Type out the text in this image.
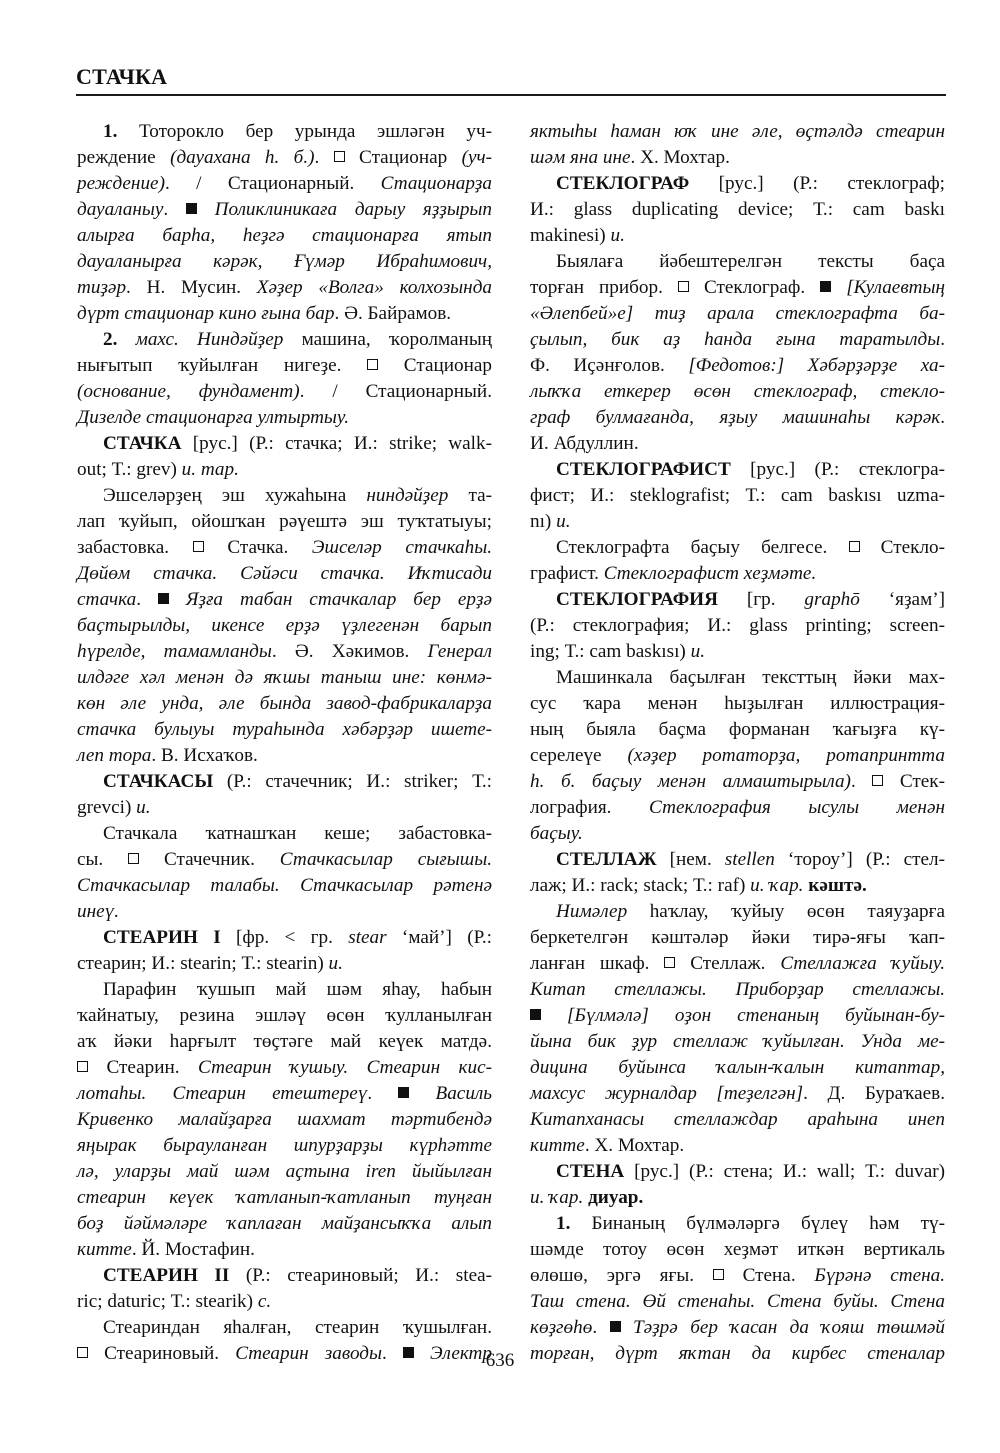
СТАЧКА
1. Тоторокло бер урында эшләгән уч-
реждение (дауахана h. б.).  Стационар (уч-
реждение). / Стационарный. Стационарҙа
дауаланыу.  Поликлиникаға дарыу яҙҙырып
алырға барhа, hеҙгә стационарға ятып
дауаланырға кәрәк, Ғүмәр Ибраhимович,
тиҙәр. Н. Мусин. Хәҙер «Волга» колхозында
дүрт стационар кино ғына бар. Ә. Байрамов.
2. махс. Ниндәйҙер машина, ҡоролманың
нығытып ҡуйылған нигеҙе.  Стационар
(основание, фундамент). / Стационарный.
Дизелде стационарға ултыртыу.
СТАЧКА [рус.] (Р.: стачка; И.: strike; walk-
out; Т.: grev) и. тар.
Эшселәрҙең эш хужаhына ниндәйҙер та-
лап ҡуйып, ойошҡан рәүештә эш туҡтатыуы;
забастовка.  Стачка. Эшселәр стачкаhы.
Дөйөм стачка. Сәйәси стачка. Иҡтисади
стачка.  Яҙға табан стачкалар бер ерҙә
баҫтырылды, икенсе ерҙә үҙлегенән барып
hүрелде, тамамланды. Ә. Хәкимов. Генерал
илдәге хәл менән дә яҡшы таныш ине: көнмә-
көн әле унда, әле бында завод-фабрикаларҙа
стачка булыуы тураhында хәбәрҙәр ишете-
леп тора. В. Исхаҡов.
СТАЧКАСЫ (Р.: стачечник; И.: striker; Т.:
grevci) и.
Стачкала ҡатнашҡан кеше; забастовка-
сы.  Стачечник. Стачкасылар сығышы.
Стачкасылар талабы. Стачкасылар рәтенә
инеү.
СТЕАРИН I [фр. < гр. stear ‘май’] (Р.:
стеарин; И.: stearin; Т.: stearin) и.
Парафин ҡушып май шәм яhау, hабын
ҡайнатыу, резина эшләү өсөн ҡулланылған
аҡ йәки hарғылт төҫтәге май кеүек матдә.
Стеарин. Стеарин ҡушыу. Стеарин кис-
лотаhы. Стеарин етештереү.  Василь
Кривенко малайҙарға шахмат тәртибендә
яңырак бырауланған шпурҙарҙы күрhәтте
лә, уларҙы май шәм аҫтына ireп йыйылған
стеарин кеүек ҡатланып-ҡатланып туңған
боҙ йәймәләре ҡаплаған майҙансыҡҡа алып
китте. Й. Мостафин.
СТЕАРИН II (Р.: стеариновый; И.: stea-
ric; daturic; Т.: stearik) с.
Стеариндан яhалған, стеарин ҡушылған.
Стеариновый. Стеарин заводы.  Электр
яктыhы hаман юҡ ине әле, өҫтәлдә стеарин
шәм яна ине. Х. Мохтар.
СТЕКЛОГРАФ [рус.] (Р.: стеклограф;
И.: glass duplicating device; Т.: cam baskı
makinesi) и.
Быялаға йәбештерелгән тексты баҫа
торған прибор.  Стеклограф.  [Кулаевтың
«Әлепбей»е] тиҙ арала стеклографта ба-
ҫылып, бик аҙ hанда ғына таратылды.
Ф. Иҫәнғолов. [Федотов:] Хәбәрҙәрҙе ха-
лыҡҡа еткерер өсөн стеклограф, стекло-
граф булмағанда, яҙыу машинаhы кәрәк.
И. Абдуллин.
СТЕКЛОГРАФИСТ [рус.] (Р.: стеклогра-
фист; И.: steklografist; Т.: cam baskısı uzma-
nı) и.
Стеклографта баҫыу белгесе.  Стекло-
графист. Стеклографист хеҙмәте.
СТЕКЛОГРАФИЯ [гр. graphō ‘яҙам’]
(Р.: стеклография; И.: glass printing; screen-
ing; Т.: cam baskısı) и.
Машинкала баҫылған тексттың йәки мах-
сус ҡара менән hыҙылған иллюстрация-
ның быяла баҫма форманан ҡағыҙға кү-
серелеүе (хәҙер ротаторҙа, ротапринтта
h. б. баҫыу менән алмаштырыла).  Стек-
лография. Стеклография ысулы менән
баҫыу.
СТЕЛЛАЖ [нем. stellen ‘тороу’] (Р.: стел-
лаж; И.: rack; stack; Т.: raf) и. ҡар. кәштә.
Нимәлер hаҡлау, ҡуйыу өсөн таяуҙарға
беркетелгән кәштәләр йәки тирә-яғы ҡап-
ланған шкаф.  Стеллаж. Стеллажға ҡуйыу.
Китап стеллажы. Приборҙар стеллажы.
[Бүлмәлә] оҙон стенаның буйынан-бу-
йына бик ҙур стеллаж ҡуйылған. Унда ме-
дицина буйынса ҡалын-ҡалын китаптар,
махсус журналдар [теҙелгән]. Д. Бураҡаев.
Китапханасы стеллаждар араhына инеп
китте. Х. Мохтар.
СТЕНА [рус.] (Р.: стена; И.: wall; Т.: duvar)
и. ҡар. диуар.
1. Бинаның бүлмәләргә бүлеү hәм тү-
шәмде тотоу өсөн хеҙмәт иткән вертикаль
өлөшө, эргә яғы.  Стена. Бүрәнә стена.
Таш стена. Өй стенаhы. Стена буйы. Стена
көҙгөhө.  Тәҙрә бер ҡасан да ҡояш төшмәй
торған, дүрт яҡтан да кирбес стеналар
636
